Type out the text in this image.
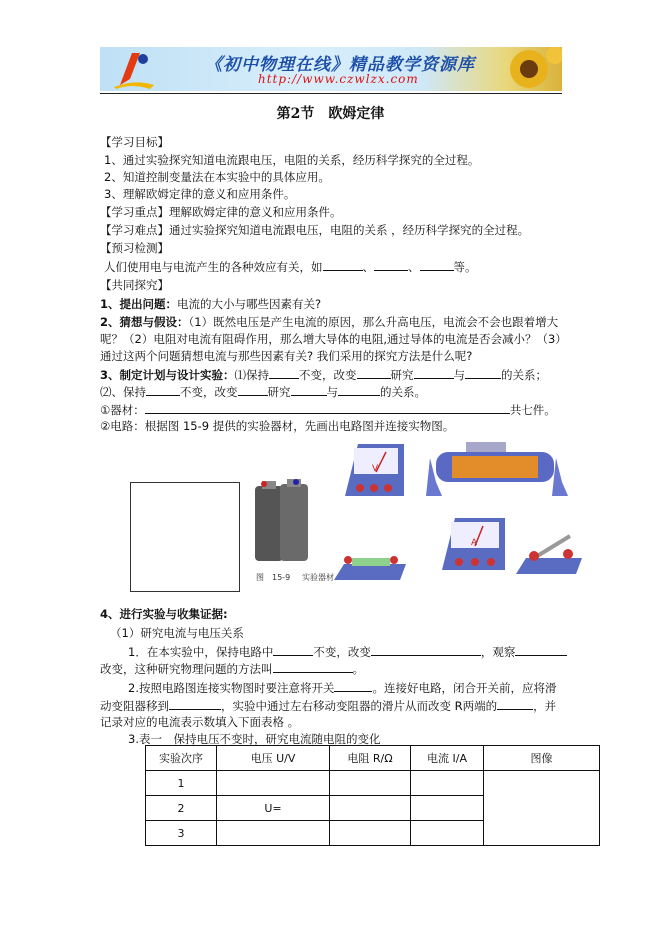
《初中物理在线》精品教学资源库
http://www.czwlzx.com
第2节　欧姆定律
【学习目标】
1、通过实验探究知道电流跟电压，电阻的关系，经历科学探究的全过程。
2、知道控制变量法在本实验中的具体应用。
3、理解欧姆定律的意义和应用条件。
【学习重点】理解欧姆定律的意义和应用条件。
【学习难点】通过实验探究知道电流跟电压，电阻的关系 ，经历科学探究的全过程。
【预习检测】
人们使用电与电流产生的各种效应有关，如	、	、	等。
【共同探究】
1、提出问题：电流的大小与哪些因素有关?
2、猜想与假设：（1）既然电压是产生电流的原因，那么升高电压，电流会不会也跟着增大
呢？（2）电阻对电流有阻碍作用，那么增大导体的电阻,通过导体的电流是否会减小？（3）
通过这两个问题猜想电流与那些因素有关? 我们采用的探究方法是什么呢?
3、制定计划与设计实验：⑴保持	不变，改变	研究	与	的关系；
⑵、保持	不变，改变	研究	与	的关系。
①器材：	共七件。
②电路：根据图 15-9 提供的实验器材，先画出电路图并连接实物图。
图　15-9 实验器材
V
A
4、进行实验与收集证据:
（1）研究电流与电压关系
1．在本实验中，保持电路中	不变，改变	，观察
改变，这种研究物理问题的方法叫	。
2.按照电路图连接实物图时要注意将开关	。连接好电路，闭合开关前，应将滑
动变阻器移到	，实验中通过左右移动变阻器的滑片从而改变 R两端的	，并
记录对应的电流表示数填入下面表格 。
3.表一　保持电压不变时，研究电流随电阻的变化
实验次序	电压 U/V	电阻 R/Ω	电流 I/A	图像
1				
2	U=			
3				
